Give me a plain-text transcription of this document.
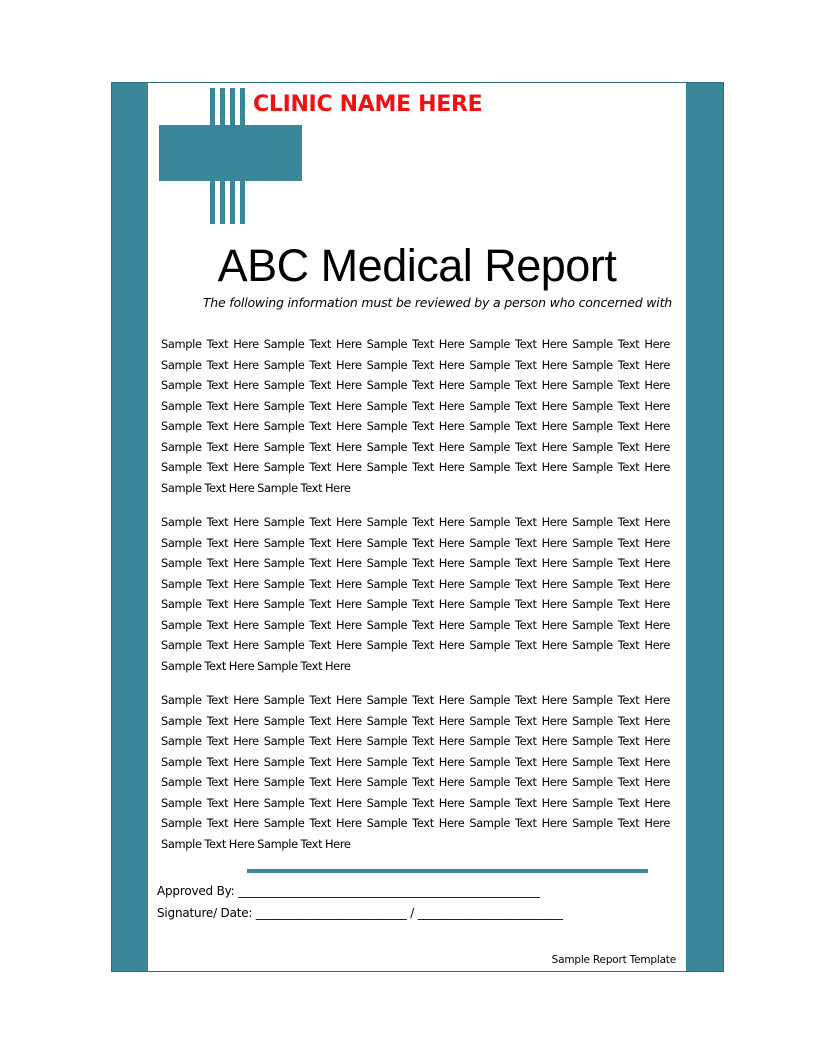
CLINIC NAME HERE
ABC Medical Report

The following information must be reviewed by a person who concerned with

Sample Text Here Sample Text Here Sample Text Here Sample Text Here Sample Text Here Sample Text Here Sample Text Here Sample Text Here Sample Text Here Sample Text Here Sample Text Here Sample Text Here Sample Text Here Sample Text Here Sample Text Here Sample Text Here Sample Text Here Sample Text Here Sample Text Here Sample Text Here Sample Text Here Sample Text Here Sample Text Here Sample Text Here Sample Text Here Sample Text Here Sample Text Here Sample Text Here Sample Text Here Sample Text Here Sample Text Here Sample Text Here Sample Text Here Sample Text Here Sample Text Here Sample Text Here Sample Text Here

Sample Text Here Sample Text Here Sample Text Here Sample Text Here Sample Text Here Sample Text Here Sample Text Here Sample Text Here Sample Text Here Sample Text Here Sample Text Here Sample Text Here Sample Text Here Sample Text Here Sample Text Here Sample Text Here Sample Text Here Sample Text Here Sample Text Here Sample Text Here Sample Text Here Sample Text Here Sample Text Here Sample Text Here Sample Text Here Sample Text Here Sample Text Here Sample Text Here Sample Text Here Sample Text Here Sample Text Here Sample Text Here Sample Text Here Sample Text Here Sample Text Here Sample Text Here Sample Text Here

Sample Text Here Sample Text Here Sample Text Here Sample Text Here Sample Text Here Sample Text Here Sample Text Here Sample Text Here Sample Text Here Sample Text Here Sample Text Here Sample Text Here Sample Text Here Sample Text Here Sample Text Here Sample Text Here Sample Text Here Sample Text Here Sample Text Here Sample Text Here Sample Text Here Sample Text Here Sample Text Here Sample Text Here Sample Text Here Sample Text Here Sample Text Here Sample Text Here Sample Text Here Sample Text Here Sample Text Here Sample Text Here Sample Text Here Sample Text Here Sample Text Here Sample Text Here Sample Text Here

Approved By: ____________________________________________________

Signature/ Date: __________________________ / _________________________

Sample Report Template
